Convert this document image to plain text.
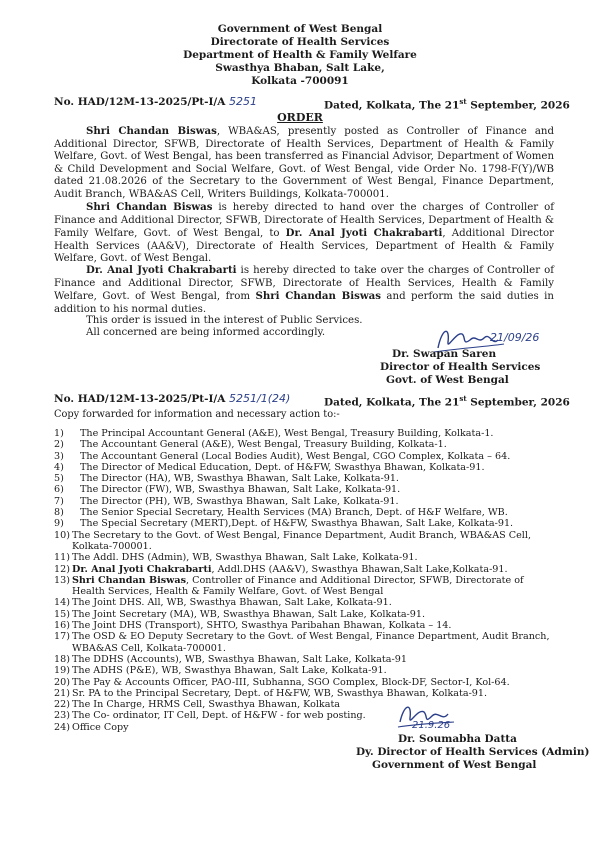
Government of West Bengal
Directorate of Health Services
Department of Health & Family Welfare
Swasthya Bhaban, Salt Lake,
Kolkata -700091
No. HAD/12M-13-2025/Pt-I/A 5251	Dated, Kolkata, The 21st September, 2026
ORDER

Shri Chandan Biswas, WBA&AS, presently posted as Controller of Finance and Additional Director, SFWB, Directorate of Health Services, Department of Health & Family Welfare, Govt. of West Bengal, has been transferred as Financial Advisor, Department of Women & Child Development and Social Welfare, Govt. of West Bengal, vide Order No. 1798-F(Y)/WB dated 21.08.2026 of the Secretary to the Government of West Bengal, Finance Department, Audit Branch, WBA&AS Cell, Writers Buildings, Kolkata-700001.

Shri Chandan Biswas is hereby directed to hand over the charges of Controller of Finance and Additional Director, SFWB, Directorate of Health Services, Department of Health & Family Welfare, Govt. of West Bengal, to Dr. Anal Jyoti Chakrabarti, Additional Director Health Services (AA&V), Directorate of Health Services, Department of Health & Family Welfare, Govt. of West Bengal.

Dr. Anal Jyoti Chakrabarti is hereby directed to take over the charges of Controller of Finance and Additional Director, SFWB, Directorate of Health Services, Health & Family Welfare, Govt. of West Bengal, from Shri Chandan Biswas and perform the said duties in addition to his normal duties.

This order is issued in the interest of Public Services.
All concerned are being informed accordingly.	21/09/26
Dr. Swapan Saren
Director of Health Services
Govt. of West Bengal
No. HAD/12M-13-2025/Pt-I/A 5251/1(24)	Dated, Kolkata, The 21st September, 2026
Copy forwarded for information and necessary action to:-
1)	The Principal Accountant General (A&E), West Bengal, Treasury Building, Kolkata-1.
2)	The Accountant General (A&E), West Bengal, Treasury Building, Kolkata-1.
3)	The Accountant General (Local Bodies Audit), West Bengal, CGO Complex, Kolkata – 64.
4)	The Director of Medical Education, Dept. of H&FW, Swasthya Bhawan, Kolkata-91.
5)	The Director (HA), WB, Swasthya Bhawan, Salt Lake, Kolkata-91.
6)	The Director (FW), WB, Swasthya Bhawan, Salt Lake, Kolkata-91.
7)	The Director (PH), WB, Swasthya Bhawan, Salt Lake, Kolkata-91.
8)	The Senior Special Secretary, Health Services (MA) Branch, Dept. of H&F Welfare, WB.
9)	The Special Secretary (MERT),Dept. of H&FW, Swasthya Bhawan, Salt Lake, Kolkata-91.
10) The Secretary to the Govt. of West Bengal, Finance Department, Audit Branch, WBA&AS Cell, Kolkata-700001.
11) The Addl. DHS (Admin), WB, Swasthya Bhawan, Salt Lake, Kolkata-91.
12) Dr. Anal Jyoti Chakrabarti, Addl.DHS (AA&V), Swasthya Bhawan,Salt Lake,Kolkata-91.
13) Shri Chandan Biswas, Controller of Finance and Additional Director, SFWB, Directorate of Health Services, Health & Family Welfare, Govt. of West Bengal
14) The Joint DHS. All, WB, Swasthya Bhawan, Salt Lake, Kolkata-91.
15) The Joint Secretary (MA), WB, Swasthya Bhawan, Salt Lake, Kolkata-91.
16) The Joint DHS (Transport), SHTO, Swasthya Paribahan Bhawan, Kolkata – 14.
17) The OSD & EO Deputy Secretary to the Govt. of West Bengal, Finance Department, Audit Branch, WBA&AS Cell, Kolkata-700001.
18) The DDHS (Accounts), WB, Swasthya Bhawan, Salt Lake, Kolkata-91
19) The ADHS (P&E), WB, Swasthya Bhawan, Salt Lake, Kolkata-91.
20) The Pay & Accounts Officer, PAO-III, Subhanna, SGO Complex, Block-DF, Sector-I, Kol-64.
21) Sr. PA to the Principal Secretary, Dept. of H&FW, WB, Swasthya Bhawan, Kolkata-91.
22) The In Charge, HRMS Cell, Swasthya Bhawan, Kolkata
23) The Co- ordinator, IT Cell, Dept. of H&FW - for web posting.
24) Office Copy	21.9.26
Dr. Soumabha Datta
Dy. Director of Health Services (Admin)
Government of West Bengal
